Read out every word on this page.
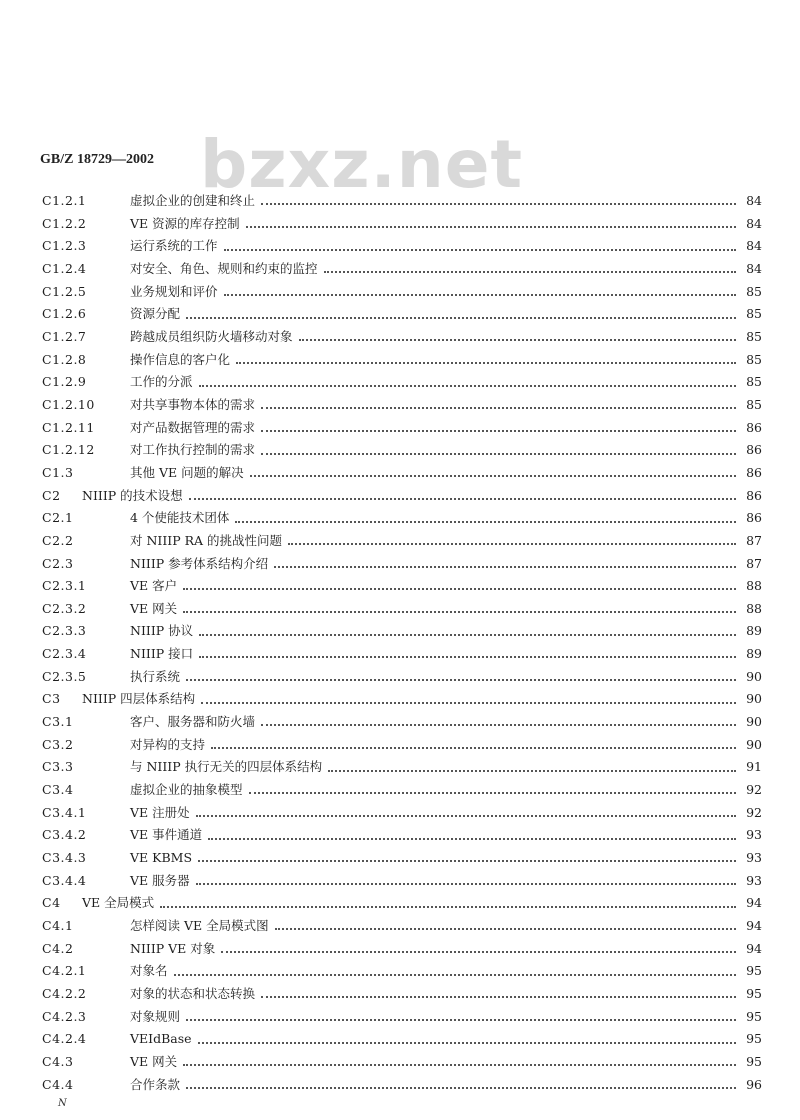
GB/Z 18729—2002 bzxz.net
C1.2.1	虚拟企业的创建和终止	84
C1.2.2	VE 资源的库存控制	84
C1.2.3	运行系统的工作	84
C1.2.4	对安全、角色、规则和约束的监控	84
C1.2.5	业务规划和评价	85
C1.2.6	资源分配	85
C1.2.7	跨越成员组织防火墙移动对象	85
C1.2.8	操作信息的客户化	85
C1.2.9	工作的分派	85
C1.2.10	对共享事物本体的需求	85
C1.2.11	对产品数据管理的需求	86
C1.2.12	对工作执行控制的需求	86
C1.3	其他 VE 问题的解决	86
C2	NIIIP 的技术设想	86
C2.1	4 个使能技术团体	86
C2.2	对 NIIIP RA 的挑战性问题	87
C2.3	NIIIP 参考体系结构介绍	87
C2.3.1	VE 客户	88
C2.3.2	VE 网关	88
C2.3.3	NIIIP 协议	89
C2.3.4	NIIIP 接口	89
C2.3.5	执行系统	90
C3	NIIIP 四层体系结构	90
C3.1	客户、服务器和防火墙	90
C3.2	对异构的支持	90
C3.3	与 NIIIP 执行无关的四层体系结构	91
C3.4	虚拟企业的抽象模型	92
C3.4.1	VE 注册处	92
C3.4.2	VE 事件通道	93
C3.4.3	VE KBMS	93
C3.4.4	VE 服务器	93
C4	VE 全局模式	94
C4.1	怎样阅读 VE 全局模式图	94
C4.2	NIIIP VE 对象	94
C4.2.1	对象名	95
C4.2.2	对象的状态和状态转换	95
C4.2.3	对象规则	95
C4.2.4	VEIdBase	95
C4.3	VE 网关	95
C4.4	合作条款	96
N
